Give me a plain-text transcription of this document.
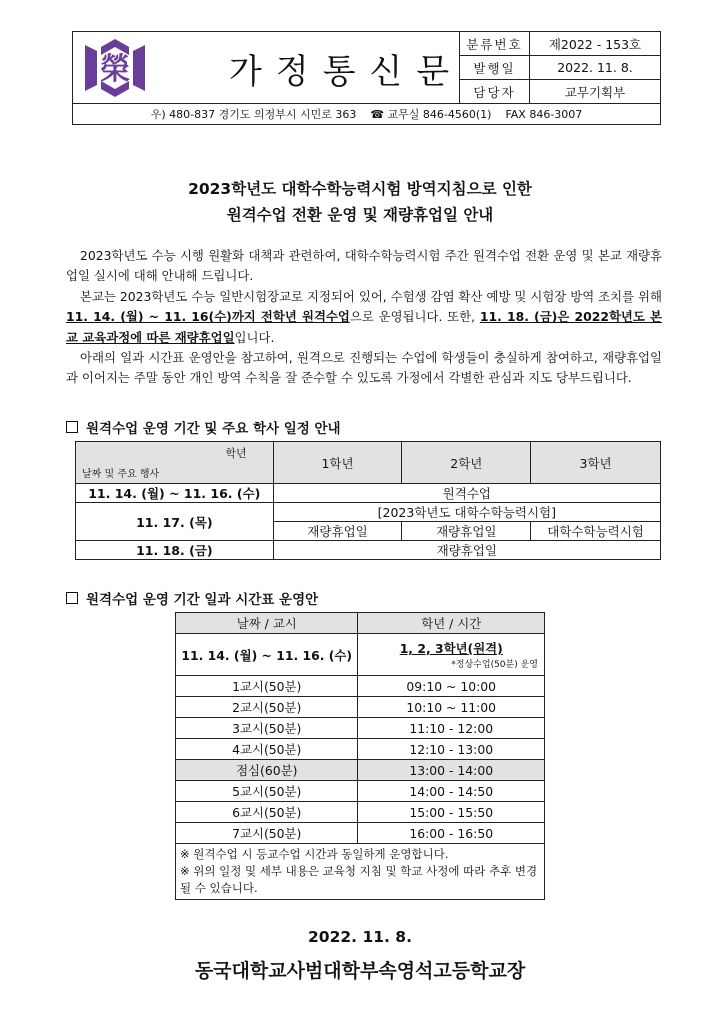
榮	가정통신문
분류번호	제2022 - 153호
발행일	2022. 11. 8.
담당자	교무기획부
우) 480-837 경기도 의정부시 시민로 363 ☎ 교무실 846-4560(1) FAX 846-3007
2023학년도 대학수학능력시험 방역지침으로 인한
원격수업 전환 운영 및 재량휴업일 안내

2023학년도 수능 시행 원활화 대책과 관련하여, 대학수학능력시험 주간 원격수업 전환 운영 및 본교 재량휴업일 실시에 대해 안내해 드립니다.

본교는 2023학년도 수능 일반시험장교로 지정되어 있어, 수험생 감염 확산 예방 및 시험장 방역 조치를 위해 11. 14. (월) ~ 11. 16(수)까지 전학년 원격수업으로 운영됩니다. 또한, 11. 18. (금)은 2022학년도 본교 교육과정에 따른 재량휴업일입니다.

아래의 일과 시간표 운영안을 참고하여, 원격으로 진행되는 수업에 학생들이 충실하게 참여하고, 재량휴업일과 이어지는 주말 동안 개인 방역 수칙을 잘 준수할 수 있도록 가정에서 각별한 관심과 지도 당부드립니다.

원격수업 운영 기간 및 주요 학사 일정 안내
학년
날짜 및 주요 행사	1학년	2학년	3학년
11. 14. (월) ~ 11. 16. (수)	원격수업		
11. 17. (목)	[2023학년도 대학수학능력시험]		
	재량휴업일	재량휴업일	대학수학능력시험
11. 18. (금)	재량휴업일		
원격수업 운영 기간 일과 시간표 운영안
날짜 / 교시	학년 / 시간
11. 14. (월) ~ 11. 16. (수)	1, 2, 3학년(원격)
*정상수업(50분) 운영

1교시(50분)	09:10 ~ 10:00
2교시(50분)	10:10 ~ 11:00
3교시(50분)	11:10 - 12:00
4교시(50분)	12:10 - 13:00
점심(60분)	13:00 - 14:00
5교시(50분)	14:00 - 14:50
6교시(50분)	15:00 - 15:50
7교시(50분)	16:00 - 16:50

※ 원격수업 시 등교수업 시간과 동일하게 운영합니다.
※ 위의 일정 및 세부 내용은 교육청 지침 및 학교 사정에 따라 추후 변경될 수 있습니다.	
2022. 11. 8.
동국대학교사범대학부속영석고등학교장
